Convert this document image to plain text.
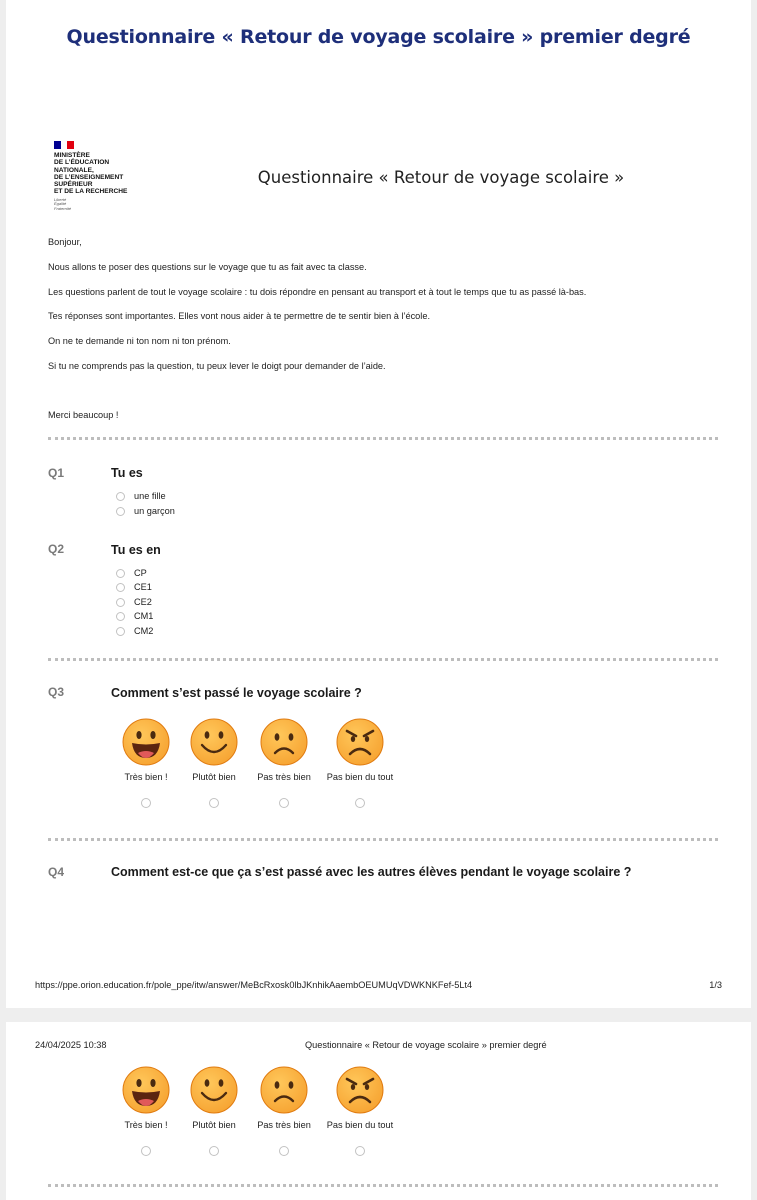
Questionnaire « Retour de voyage scolaire » premier degré
MINISTÈRE
DE L’ÉDUCATION
NATIONALE,
DE L’ENSEIGNEMENT
SUPÉRIEUR
ET DE LA RECHERCHE
Liberté
Égalité
Fraternité
Questionnaire « Retour de voyage scolaire »
Bonjour,
Nous allons te poser des questions sur le voyage que tu as fait avec ta classe.
Les questions parlent de tout le voyage scolaire : tu dois répondre en pensant au transport et à tout le temps que tu as passé là-bas.
Tes réponses sont importantes. Elles vont nous aider à te permettre de te sentir bien à l’école.
On ne te demande ni ton nom ni ton prénom.
Si tu ne comprends pas la question, tu peux lever le doigt pour demander de l’aide.
Merci beaucoup !
Q1	Tu es
une fille
un garçon
Q2	Tu es en
CP
CE1
CE2
CM1
CM2
Q3	Comment s’est passé le voyage scolaire ?
Très bien !	Plutôt bien	Pas très bien	Pas bien du tout
Q4	Comment est-ce que ça s’est passé avec les autres élèves pendant le voyage scolaire ?
https://ppe.orion.education.fr/pole_ppe/itw/answer/MeBcRxosk0lbJKnhikAaembOEUMUqVDWKNKFef-5Lt4	1/3
24/04/2025 10:38	Questionnaire « Retour de voyage scolaire » premier degré
Très bien !	Plutôt bien	Pas très bien	Pas bien du tout
